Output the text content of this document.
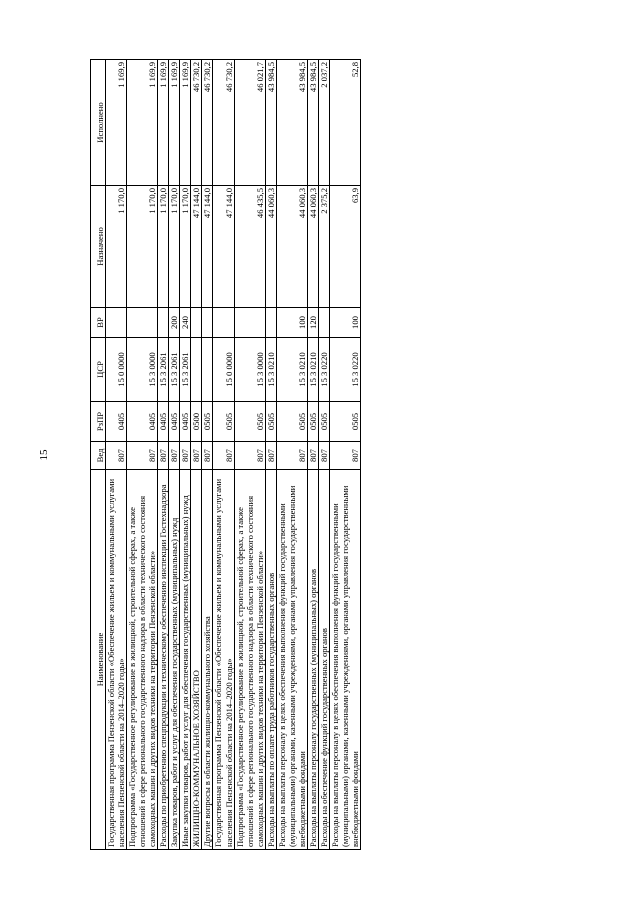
15
Наименование	Вед	РзПР	ЦСР	ВР	Назначено	Исполнено
Государственная программа Пензенской области «Обеспечение жильем и коммунальными услугами населения Пензенской области на 2014–2020 годы»	807	0405	15 0 0000		1 170,0	1 169,9
Подпрограмма «Государственное регулирование в жилищной, строительной сферах, а также отношений в сфере регионального государственного надзора в области технического состояния самоходных машин и других видов техники на территории Пензенской области»	807	0405	15 3 0000		1 170,0	1 169,9
Расходы по приобретению спецпродукции и техническому обеспечению инспекции Гостехнадзора	807	0405	15 3 2061		1 170,0	1 169,9
Закупка товаров, работ и услуг для обеспечения государственных (муниципальных) нужд	807	0405	15 3 2061	200	1 170,0	1 169,9
Иные закупки товаров, работ и услуг для обеспечения государственных (муниципальных) нужд	807	0405	15 3 2061	240	1 170,0	1 169,9
ЖИЛИЩНО-КОММУНАЛЬНОЕ ХОЗЯЙСТВО	807	0500			47 144,0	46 730,2
Другие вопросы в области жилищно-коммунального хозяйства	807	0505			47 144,0	46 730,2
Государственная программа Пензенской области «Обеспечение жильем и коммунальными услугами населения Пензенской области на 2014–2020 годы»	807	0505	15 0 0000		47 144,0	46 730,2
Подпрограмма «Государственное регулирование в жилищной, строительной сферах, а также отношений в сфере регионального государственного надзора в области технического состояния самоходных машин и других видов техники на территории Пензенской области»	807	0505	15 3 0000		46 435,5	46 021,7
Расходы на выплаты по оплате труда работников государственных органов	807	0505	15 3 0210		44 060,3	43 984,5
Расходы на выплаты персоналу в целях обеспечения выполнения функций государственными (муниципальными) органами, казенными учреждениями, органами управления государственными внебюджетными фондами	807	0505	15 3 0210	100	44 060,3	43 984,5
Расходы на выплаты персоналу государственных (муниципальных) органов	807	0505	15 3 0210	120	44 060,3	43 984,5
Расходы на обеспечение функций государственных органов	807	0505	15 3 0220		2 375,2	2 037,2
Расходы на выплаты персоналу в целях обеспечения выполнения функций государственными (муниципальными) органами, казенными учреждениями, органами управления государственными внебюджетными фондами	807	0505	15 3 0220	100	63,9	52,8
